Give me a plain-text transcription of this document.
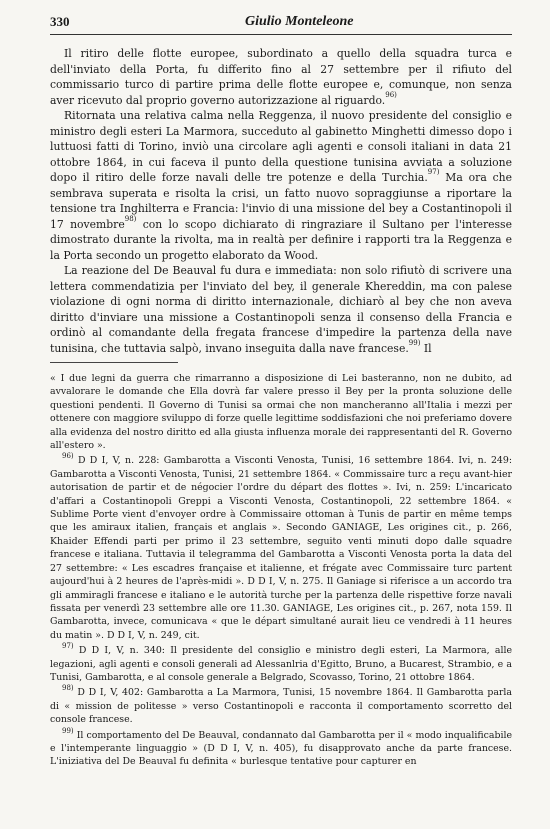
330	Giulio Monteleone

Il ritiro delle flotte europee, subordinato a quello della squadra turca e dell'inviato della Porta, fu differito fino al 27 settembre per il rifiuto del commissario turco di partire prima delle flotte europee e, comunque, non senza aver ricevuto dal proprio governo autorizzazione al riguardo.$^{96)}$

Ritornata una relativa calma nella Reggenza, il nuovo presidente del consiglio e ministro degli esteri La Marmora, succeduto al gabinetto Minghetti dimesso dopo i luttuosi fatti di Torino, inviò una circolare agli agenti e consoli italiani in data 21 ottobre 1864, in cui faceva il punto della questione tunisina avviata a soluzione dopo il ritiro delle forze navali delle tre potenze e della Turchia.$^{97)}$ Ma ora che sembrava superata e risolta la crisi, un fatto nuovo sopraggiunse a riportare la tensione tra Inghilterra e Francia: l'invio di una missione del bey a Costantinopoli il 17 novembre$^{98)}$ con lo scopo dichiarato di ringraziare il Sultano per l'interesse dimostrato durante la rivolta, ma in realtà per definire i rapporti tra la Reggenza e la Porta secondo un progetto elaborato da Wood.

La reazione del De Beauval fu dura e immediata: non solo rifiutò di scrivere una lettera commendatizia per l'inviato del bey, il generale Khereddin, ma con palese violazione di ogni norma di diritto internazionale, dichiarò al bey che non aveva diritto d'inviare una missione a Costantinopoli senza il consenso della Francia e ordinò al comandante della fregata francese d'impedire la partenza della nave tunisina, che tuttavia salpò, invano inseguita dalla nave francese.$^{99)}$ Il

« I due legni da guerra che rimarranno a disposizione di Lei basteranno, non ne dubito, ad avvalorare le domande che Ella dovrà far valere presso il Bey per la pronta soluzione delle questioni pendenti. Il Governo di Tunisi sa ormai che non mancheranno all'Italia i mezzi per ottenere con maggiore sviluppo di forze quelle legittime soddisfazioni che noi preferiamo dovere alla evidenza del nostro diritto ed alla giusta influenza morale dei rappresentanti del R. Governo all'estero ».

$^{96)}$ D D I, V, n. 228: Gambarotta a Visconti Venosta, Tunisi, 16 settembre 1864. Ivi, n. 249: Gambarotta a Visconti Venosta, Tunisi, 21 settembre 1864. « Commissaire turc a reçu avant-hier autorisation de partir et de négocier l'ordre du départ des flottes ». Ivi, n. 259: L'incaricato d'affari a Costantinopoli Greppi a Visconti Venosta, Costantinopoli, 22 settembre 1864. « Sublime Porte vient d'envoyer ordre à Commissaire ottoman à Tunis de partir en même temps que les amiraux italien, français et anglais ». Secondo GANIAGE, Les origines cit., p. 266, Khaider Effendi parti per primo il 23 settembre, seguito venti minuti dopo dalle squadre francese e italiana. Tuttavia il telegramma del Gambarotta a Visconti Venosta porta la data del 27 settembre: « Les escadres française et italienne, et frégate avec Commissaire turc partent aujourd'hui à 2 heures de l'après-midi ». D D I, V, n. 275. Il Ganiage si riferisce a un accordo tra gli ammiragli francese e italiano e le autorità turche per la partenza delle rispettive forze navali fissata per venerdì 23 settembre alle ore 11.30. GANIAGE, Les origines cit., p. 267, nota 159. Il Gambarotta, invece, comunicava « que le départ simultané aurait lieu ce vendredi à 11 heures du matin ». D D I, V, n. 249, cit.

$^{97)}$ D D I, V, n. 340: Il presidente del consiglio e ministro degli esteri, La Marmora, alle legazioni, agli agenti e consoli generali ad Alessanlria d'Egitto, Bruno, a Bucarest, Strambio, e a Tunisi, Gambarotta, e al console generale a Belgrado, Scovasso, Torino, 21 ottobre 1864.

$^{98)}$ D D I, V, 402: Gambarotta a La Marmora, Tunisi, 15 novembre 1864. Il Gambarotta parla di « mission de politesse » verso Costantinopoli e racconta il comportamento scorretto del console francese.

$^{99)}$ Il comportamento del De Beauval, condannato dal Gambarotta per il « modo inqualificabile e l'intemperante linguaggio » (D D I, V, n. 405), fu disapprovato anche da parte francese. L'iniziativa del De Beauval fu definita « burlesque tentative pour capturer en
